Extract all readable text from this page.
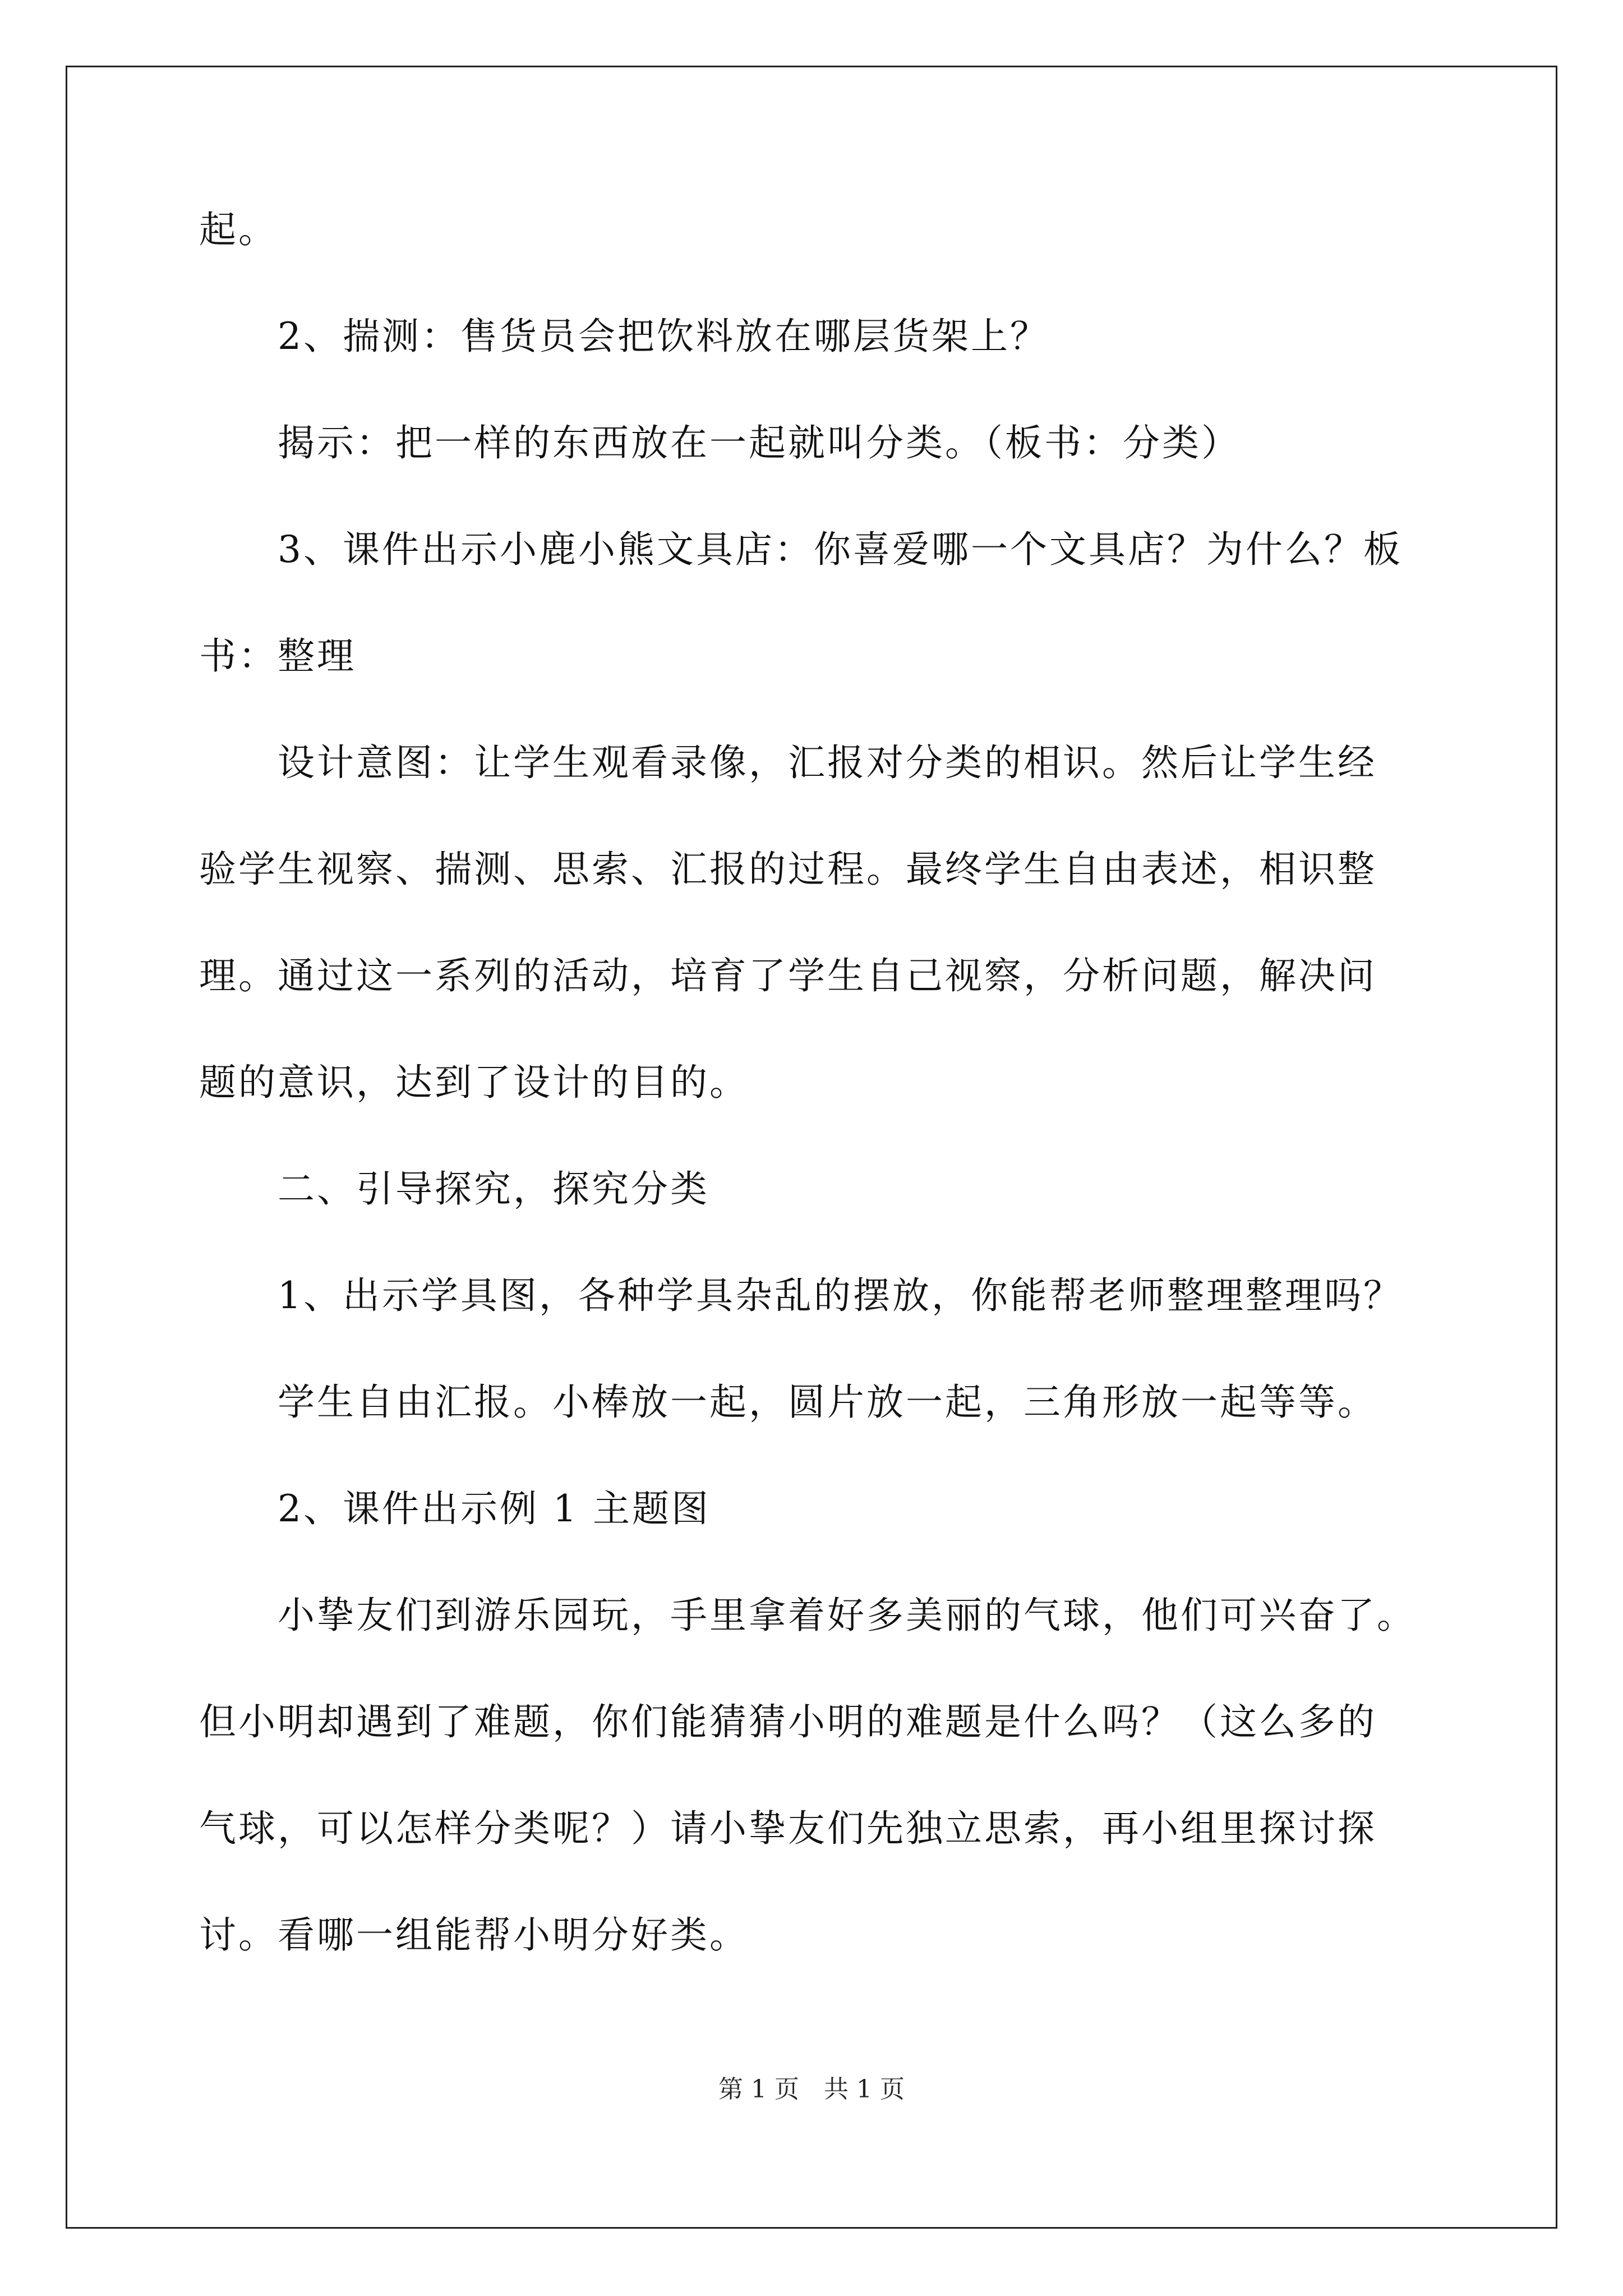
起。
2、揣测：售货员会把饮料放在哪层货架上？
揭示：把一样的东西放在一起就叫分类。（板书：分类）
3、课件出示小鹿小熊文具店：你喜爱哪一个文具店？为什么？板
书：整理
设计意图：让学生观看录像，汇报对分类的相识。然后让学生经
验学生视察、揣测、思索、汇报的过程。最终学生自由表述，相识整
理。通过这一系列的活动，培育了学生自己视察，分析问题，解决问
题的意识，达到了设计的目的。
二、引导探究，探究分类
1、出示学具图，各种学具杂乱的摆放，你能帮老师整理整理吗？
学生自由汇报。小棒放一起，圆片放一起，三角形放一起等等。
2、课件出示例 1 主题图
小挚友们到游乐园玩，手里拿着好多美丽的气球，他们可兴奋了。
但小明却遇到了难题，你们能猜猜小明的难题是什么吗？（这么多的
气球，可以怎样分类呢？）请小挚友们先独立思索，再小组里探讨探
讨。看哪一组能帮小明分好类。
第 1 页　共 1 页
